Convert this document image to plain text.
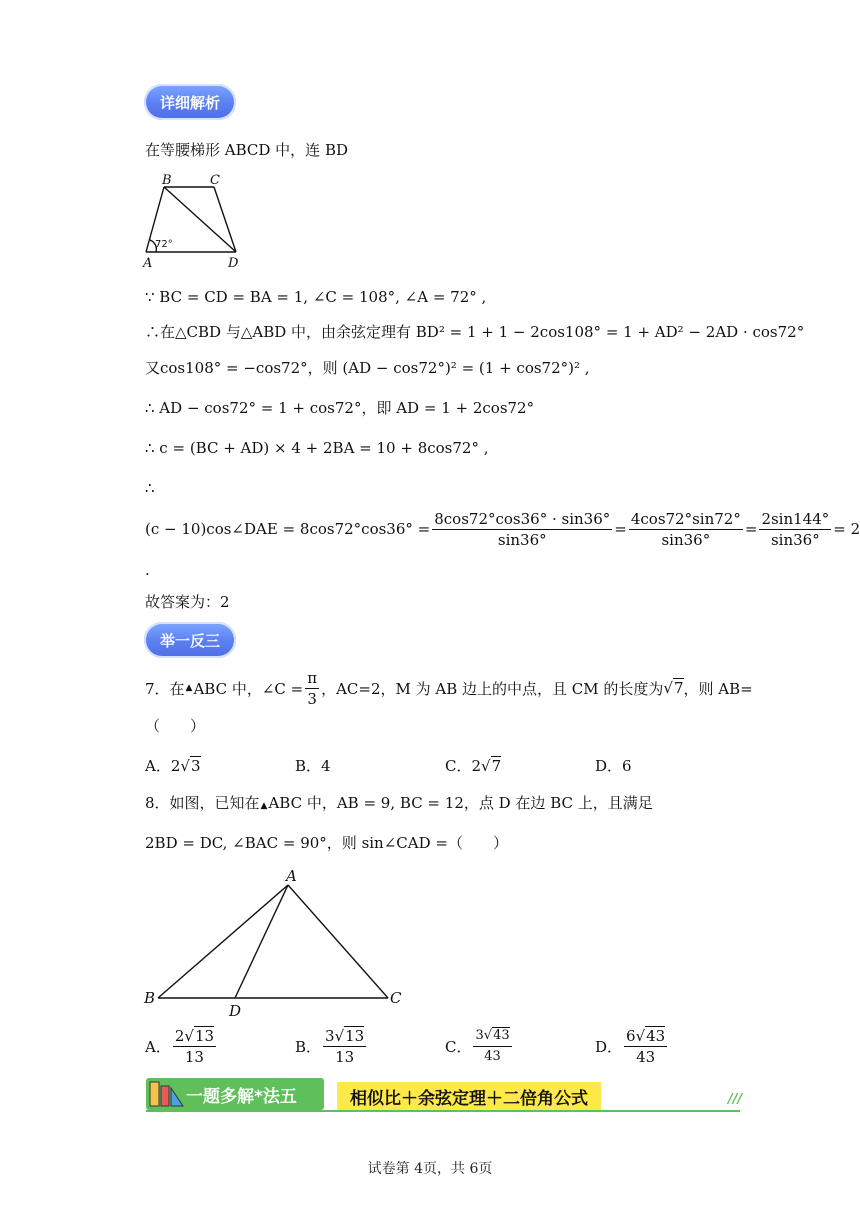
详细解析
在等腰梯形 ABCD 中，连 BD
B	C
A	D
72°
∵ BC = CD = BA = 1, ∠C = 108°, ∠A = 72° ,
∴在△CBD 与△ABD 中，由余弦定理有 BD² = 1 + 1 − 2cos108° = 1 + AD² − 2AD · cos72°
又cos108° = −cos72°，则 (AD − cos72°)² = (1 + cos72°)² ,
∴ AD − cos72° = 1 + cos72°，即 AD = 1 + 2cos72°
∴ c = (BC + AD) × 4 + 2BA = 10 + 8cos72° ,
∴
(c − 10)cos∠DAE = $8\cos 72^\circ\cos 36^\circ = \frac{8\cos 72^\circ\cos 36^\circ \cdot \sin 36^\circ}{\sin 36^\circ} = \frac{4\cos 72^\circ\sin 72^\circ}{\sin 36^\circ} = \frac{2\sin 144^\circ}{\sin 36^\circ} = 2$
.
故答案为：2
举一反三
7．在 ▲ ABC 中，∠C = $\frac{\pi}{3}$ ，AC=2，M 为 AB 边上的中点，且 CM 的长度为 √7 ，则 AB=
（　　）
A．2√3	B．4	C．2√7	D．6
8．如图，已知在▲ABC 中，AB = 9, BC = 12，点 D 在边 BC 上，且满足
2BD = DC, ∠BAC = 90°，则 sin∠CAD =（　　）
A
B	C
D
A． $\frac{2√13}{13}$	B． $\frac{3√13}{13}$	C． $\frac{3√43}{43}$	D． $\frac{6√43}{43}$
一题多解*法五	相似比＋余弦定理＋二倍角公式	///
试卷第 4页，共 6页
